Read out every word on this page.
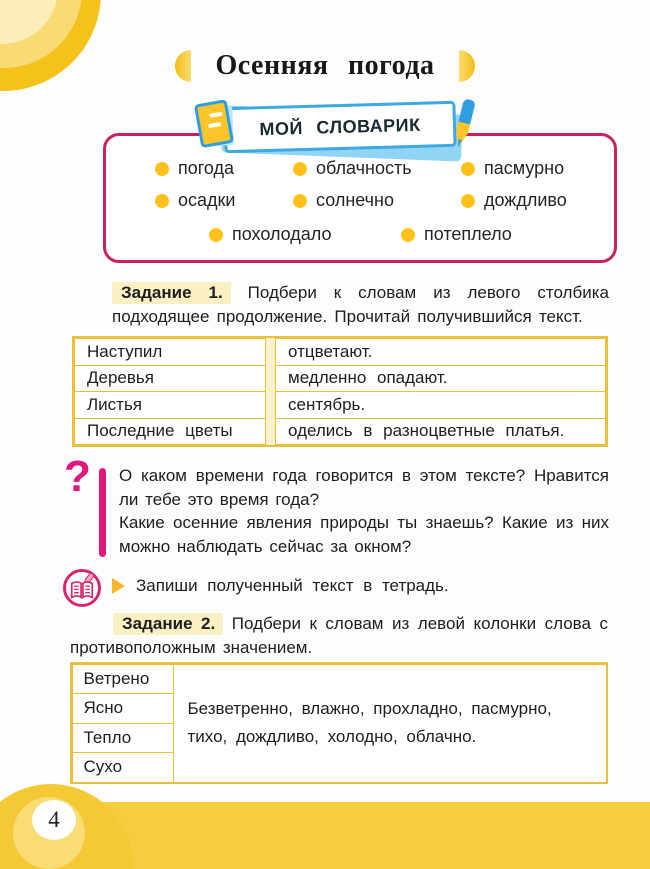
Осенняя погода
МОЙ СЛОВАРИК
погода	облачность	пасмурно
осадки	солнечно	дождливо
похолодало	потеплело
Задание 1. Подбери к словам из левого столбика подходящее продолжение. Прочитай получившийся текст.
Наступил	отцветают.
Деревья	медленно опадают.
Листья	сентябрь.
Последние цветы	оделись в разноцветные платья.
? О каком времени года говорится в этом тексте? Нравится ли тебе это время года?

Какие осенние явления природы ты знаешь? Какие из них можно наблюдать сейчас за окном?

Запиши полученный текст в тетрадь.
Задание 2. Подбери к словам из левой колонки слова с противоположным значением.
Ветрено
Ясно
Тепло
Сухо
Безветренно, влажно, прохладно, пасмурно, тихо, дождливо, холодно, облачно.
4
